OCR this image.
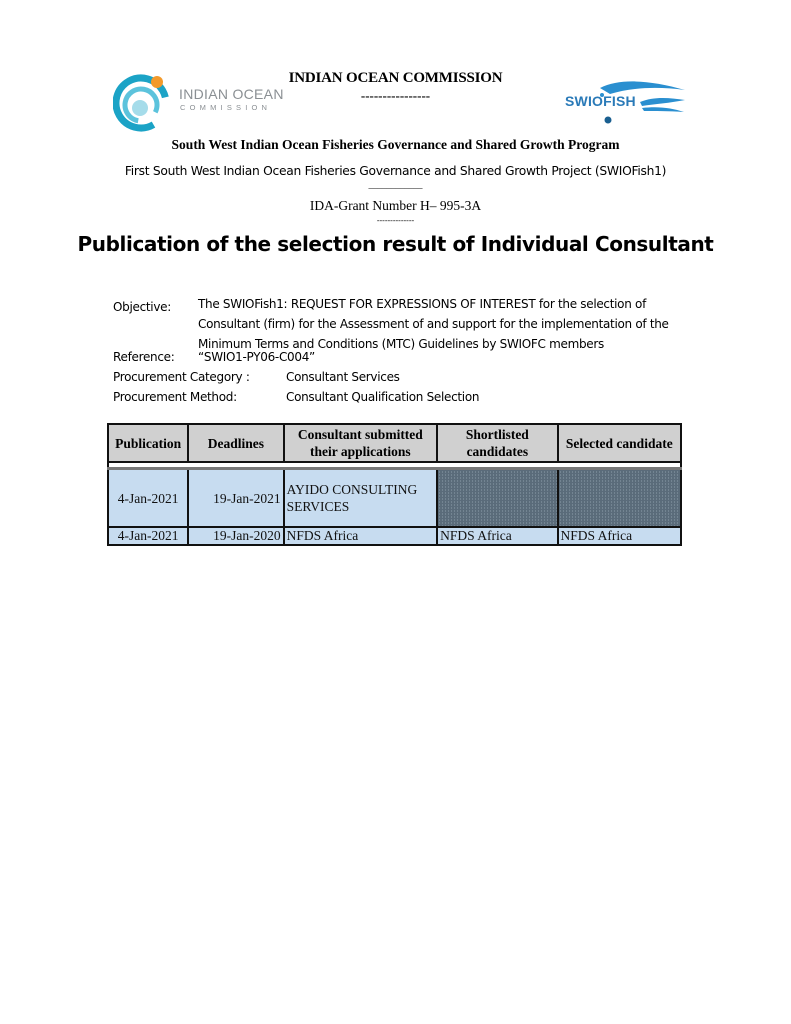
INDIAN OCEAN
COMMISSION	SWIOFISH
INDIAN OCEAN COMMISSION
----------------
South West Indian Ocean Fisheries Governance and Shared Growth Program
First South West Indian Ocean Fisheries Governance and Shared Growth Project (SWIOFish1)
____________
IDA-Grant Number H– 995-3A
--------------
Publication of the selection result of Individual Consultant
Objective: The SWIOFish1: REQUEST FOR EXPRESSIONS OF INTEREST for the selection of Consultant (firm) for the Assessment of and support for the implementation of the Minimum Terms and Conditions (MTC) Guidelines by SWIOFC members
Reference: “SWIO1-PY06-C004”
Procurement Category :	Consultant Services
Procurement Method:	Consultant Qualification Selection
Publication	Deadlines	Consultant submitted their applications	Shortlisted candidates	Selected candidate

4-Jan-2021	19-Jan-2021	AYIDO CONSULTING SERVICES		
4-Jan-2021	19-Jan-2020	NFDS Africa	NFDS Africa	NFDS Africa
